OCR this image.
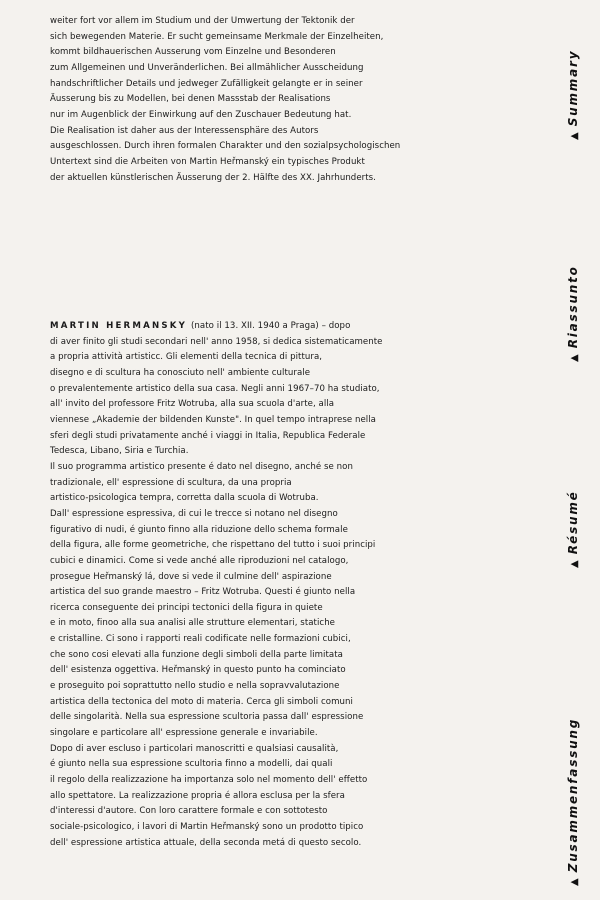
weiter fort vor allem im Studium und der Umwertung der Tektonik der
sich bewegenden Materie. Er sucht gemeinsame Merkmale der Einzelheiten,
kommt bildhauerischen Ausserung vom Einzelne und Besonderen
zum Allgemeinen und Unveränderlichen. Bei allmählicher Ausscheidung
handschriftlicher Details und jedweger Zufälligkeit gelangte er in seiner
Äusserung bis zu Modellen, bei denen Massstab der Realisations
nur im Augenblick der Einwirkung auf den Zuschauer Bedeutung hat.
Die Realisation ist daher aus der Interessensphäre des Autors
ausgeschlossen. Durch ihren formalen Charakter und den sozialpsychologischen
Untertext sind die Arbeiten von Martin Heřmanský ein typisches Produkt
der aktuellen künstlerischen Äusserung der 2. Hälfte des XX. Jahrhunderts.
MARTIN HERMANSKY (nato il 13. XII. 1940 a Praga) – dopo
di aver finito gli studi secondari nell' anno 1958, si dedica sistematicamente
a propria attività artisticc. Gli elementi della tecnica di pittura,
disegno e di scultura ha conosciuto nell' ambiente culturale
o prevalentemente artistico della sua casa. Negli anni 1967–70 ha studiato,
all' invito del professore Fritz Wotruba, alla sua scuola d'arte, alla
viennese „Akademie der bildenden Kunste". In quel tempo intraprese nella
sferi degli studi privatamente anché i viaggi in Italia, Republica Federale
Tedesca, Libano, Siria e Turchia.
Il suo programma artistico presente é dato nel disegno, anché se non
tradizionale, ell' espressione di scultura, da una propria
artistico-psicologica tempra, corretta dalla scuola di Wotruba.
Dall' espressione espressiva, di cui le trecce si notano nel disegno
figurativo di nudi, é giunto finno alla riduzione dello schema formale
della figura, alle forme geometriche, che rispettano del tutto i suoi principi
cubici e dinamici. Come si vede anché alle riproduzioni nel catalogo,
prosegue Heřmanský lá, dove si vede il culmine dell' aspirazione
artistica del suo grande maestro – Fritz Wotruba. Questi é giunto nella
ricerca conseguente dei principi tectonici della figura in quiete
e in moto, finoo alla sua analisi alle strutture elementari, statiche
e cristalline. Ci sono i rapporti reali codificate nelle formazioni cubici,
che sono cosi elevati alla funzione degli simboli della parte limitata
dell' esistenza oggettiva. Heřmanský in questo punto ha cominciato
e proseguito poi soprattutto nello studio e nella sopravvalutazione
artistica della tectonica del moto di materia. Cerca gli simboli comuni
delle singolarità. Nella sua espressione scultoria passa dall' espressione
singolare e particolare all' espressione generale e invariabile.
Dopo di aver escluso i particolari manoscritti e qualsiasi causalità,
é giunto nella sua espressione scultoria finno a modelli, dai quali
il regolo della realizzazione ha importanza solo nel momento dell' effetto
allo spettatore. La realizzazione propria é allora esclusa per la sfera
d'interessi d'autore. Con loro carattere formale e con sottotesto
sociale-psicologico, i lavori di Martin Heřmanský sono un prodotto tipico
dell' espressione artistica attuale, della seconda metá di questo secolo.
▲Summary
▲Riassunto
▲Résumé
▲Zusammenfassung
